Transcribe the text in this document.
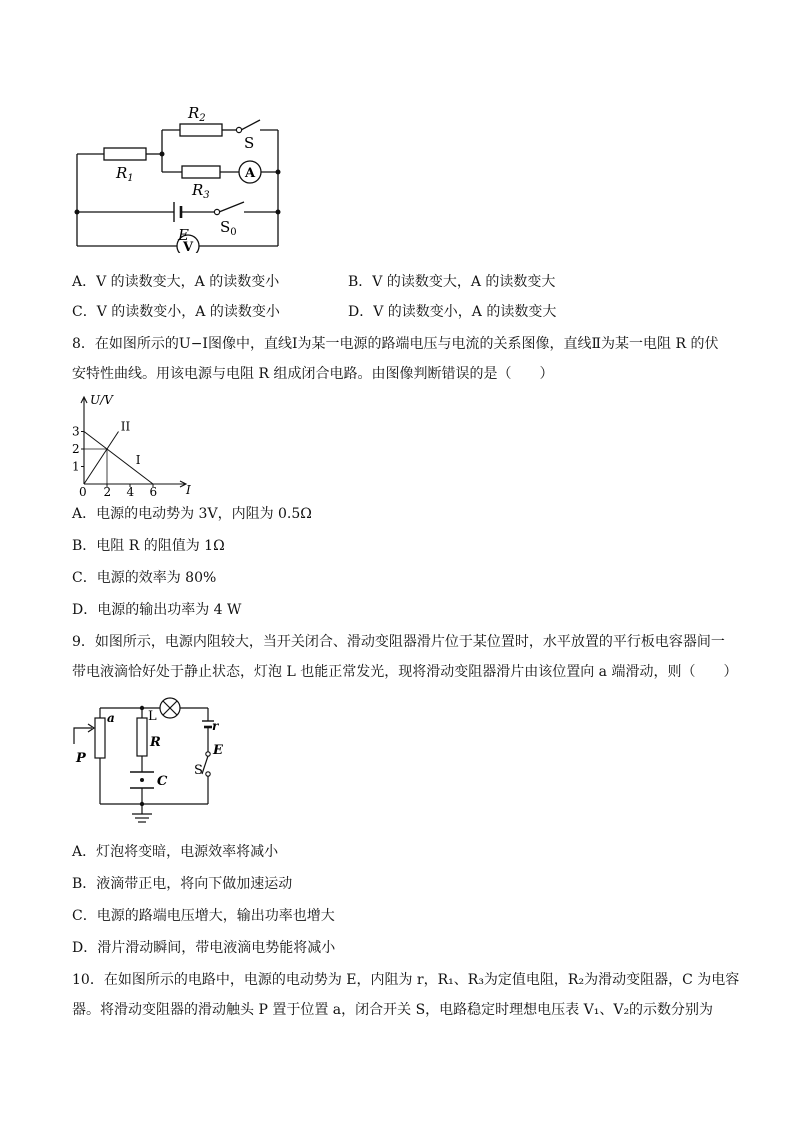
$R_2$
S
$R_1$	A
$R_3$
E $S_0$
V
A．V 的读数变大，A 的读数变小	B．V 的读数变大，A 的读数变大
C．V 的读数变小，A 的读数变小	D．V 的读数变小，A 的读数变大
8．在如图所示的U−I图像中，直线Ⅰ为某一电源的路端电压与电流的关系图像，直线Ⅱ为某一电阻 R 的伏
安特性曲线。用该电源与电阻 R 组成闭合电路。由图像判断错误的是（　　）
U/V
I
0
1
2
3
2 4 6
I
II
A．电源的电动势为 3V，内阻为 0.5Ω
B．电阻 R 的阻值为 1Ω
C．电源的效率为 80%
D．电源的输出功率为 4 W
9．如图所示，电源内阻较大，当开关闭合、滑动变阻器滑片位于某位置时，水平放置的平行板电容器间一
带电液滴恰好处于静止状态，灯泡 L 也能正常发光，现将滑动变阻器滑片由该位置向 a 端滑动，则（　　）
a	L
R
r
E
P
S
C
A．灯泡将变暗，电源效率将减小
B．液滴带正电，将向下做加速运动
C．电源的路端电压增大，输出功率也增大
D．滑片滑动瞬间，带电液滴电势能将减小
10．在如图所示的电路中，电源的电动势为 E，内阻为 r，R₁、R₃为定值电阻，R₂为滑动变阻器，C 为电容
器。将滑动变阻器的滑动触头 P 置于位置 a，闭合开关 S，电路稳定时理想电压表 V₁、V₂的示数分别为
